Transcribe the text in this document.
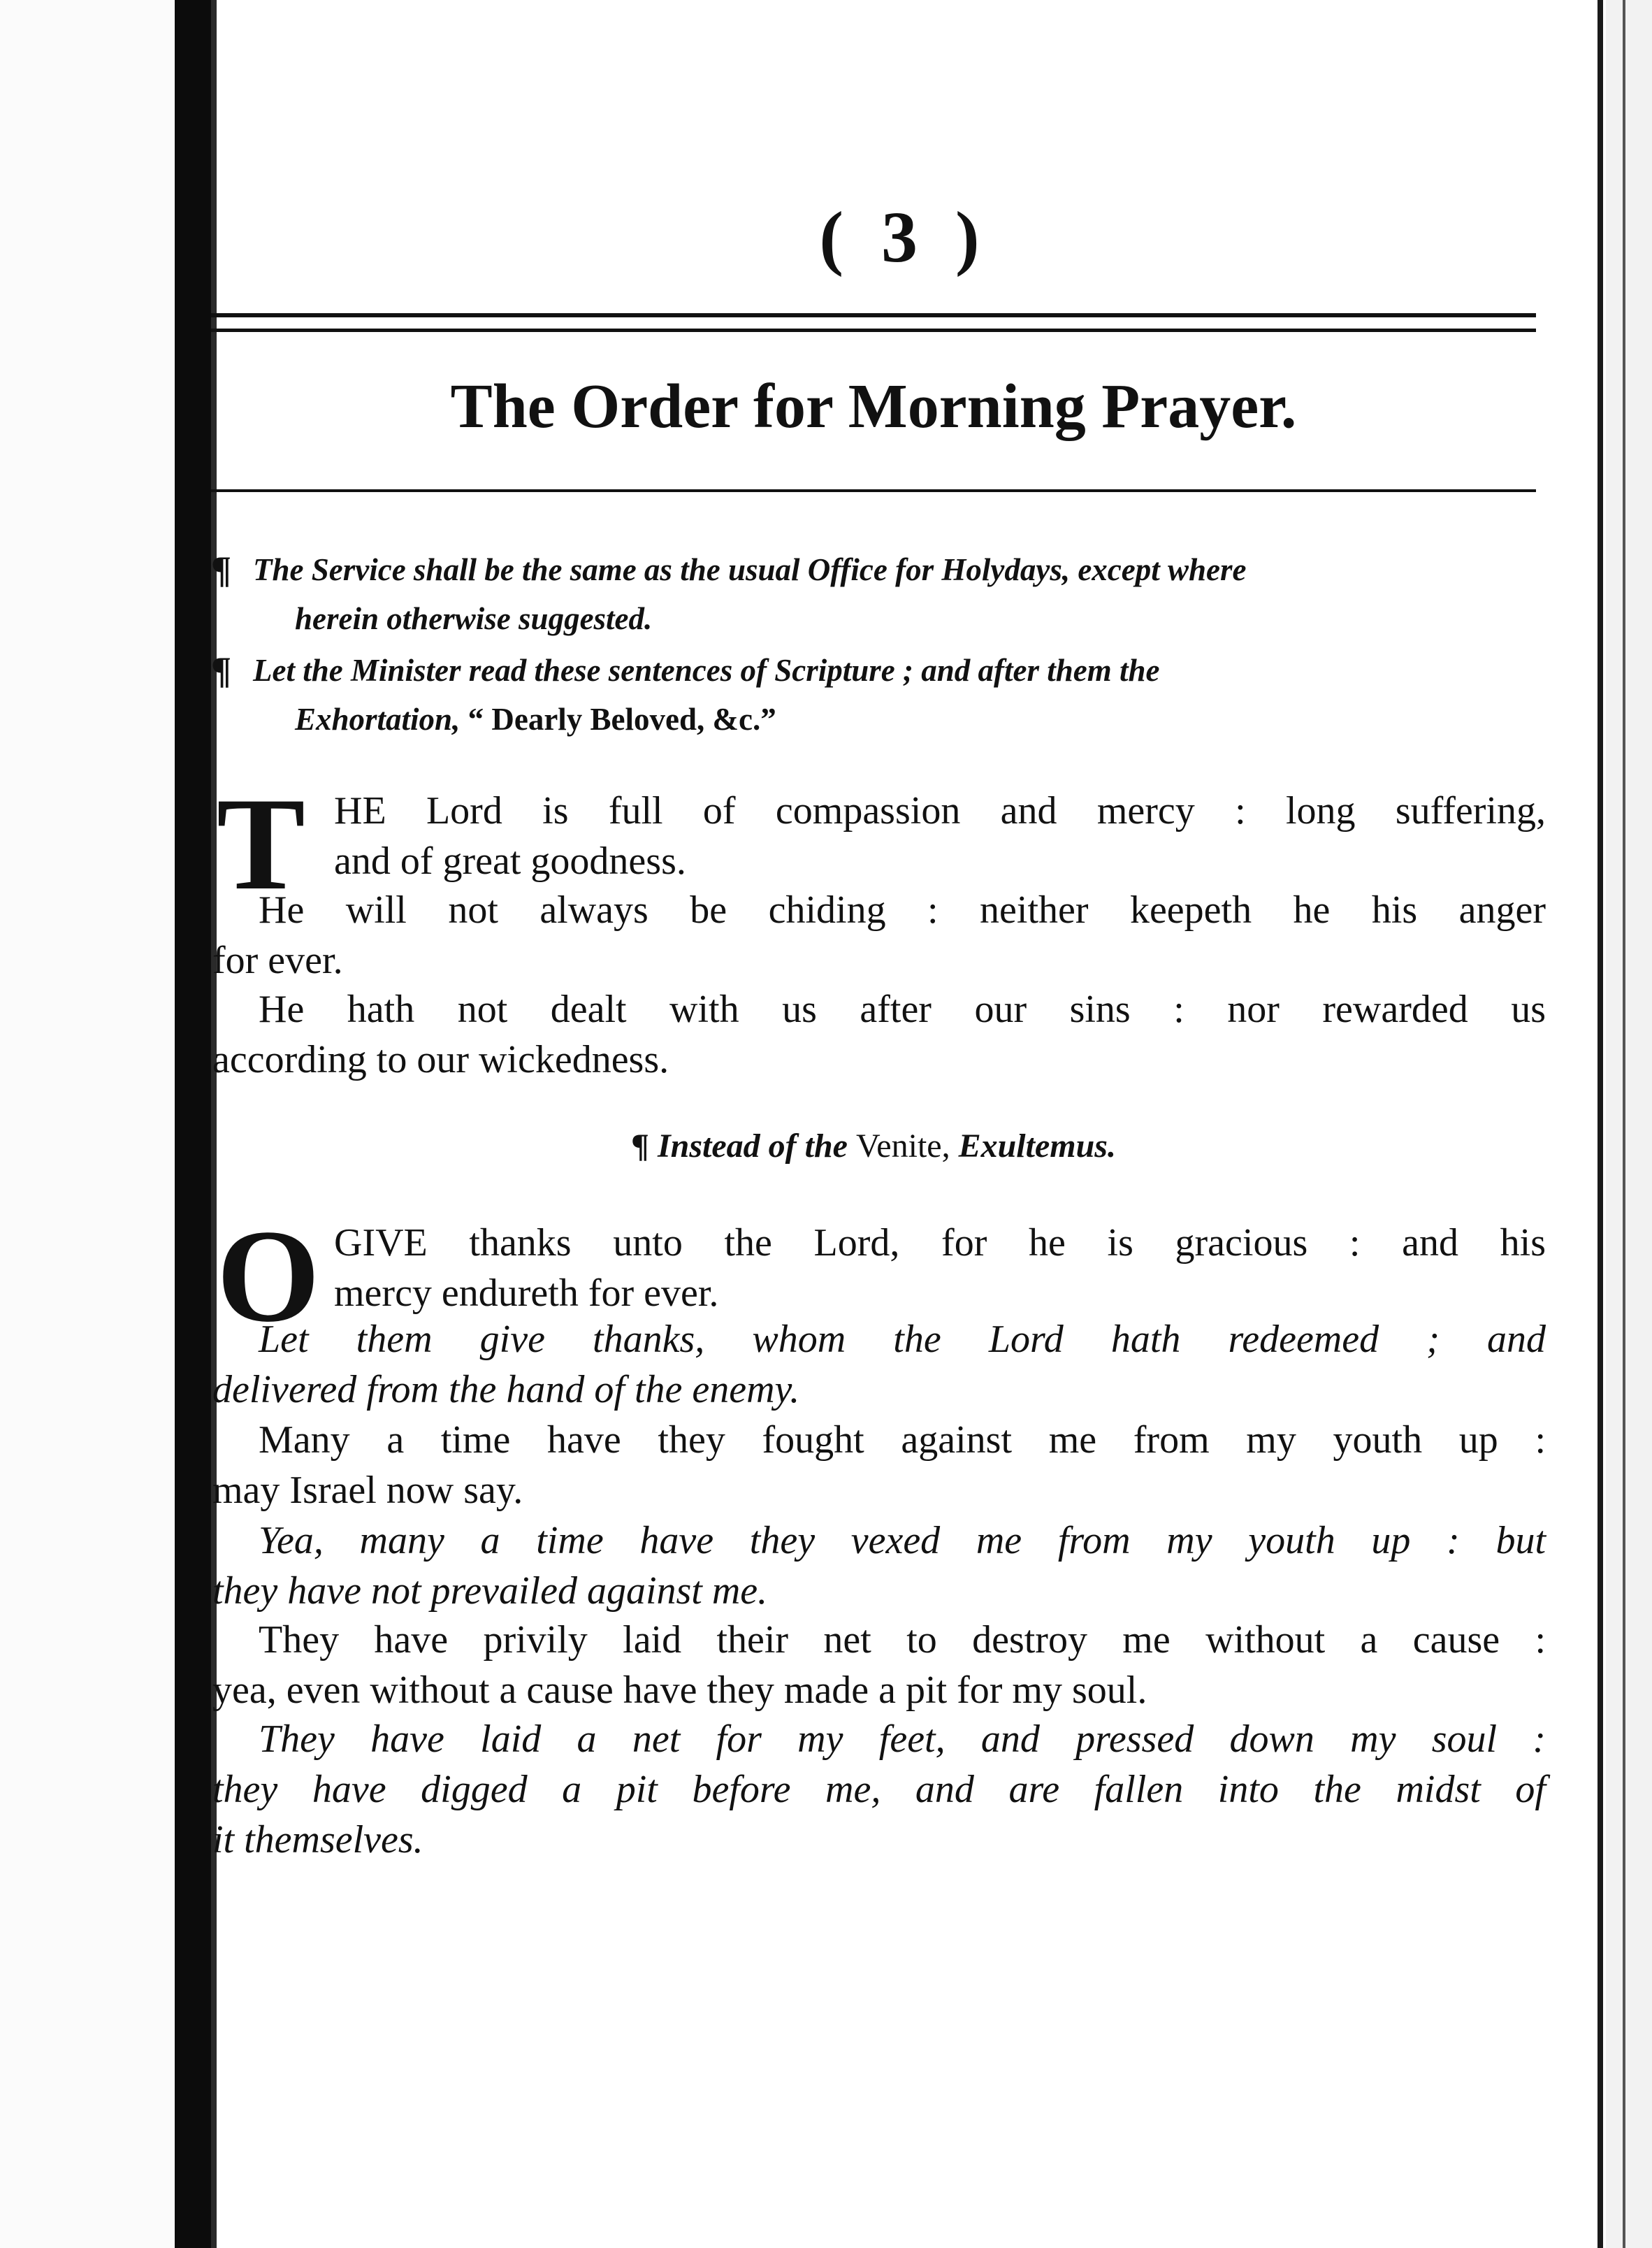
( 3 )
The Order for Morning Prayer.
¶ The Service shall be the same as the usual Office for Holydays, except where
herein otherwise suggested.
¶ Let the Minister read these sentences of Scripture ; and after them the
Exhortation, “ Dearly Beloved, &c.”
T HE Lord is full of compassion and mercy : long suffering,
and of great goodness.
He will not always be chiding : neither keepeth he his anger
for ever.
He hath not dealt with us after our sins : nor rewarded us
according to our wickedness.
¶ Instead of the Venite, Exultemus.
O GIVE thanks unto the Lord, for he is gracious : and his
mercy endureth for ever.
Let them give thanks, whom the Lord hath redeemed ; and
delivered from the hand of the enemy.
Many a time have they fought against me from my youth up :
may Israel now say.
Yea, many a time have they vexed me from my youth up : but
they have not prevailed against me.
They have privily laid their net to destroy me without a cause :
yea, even without a cause have they made a pit for my soul.
They have laid a net for my feet, and pressed down my soul :
they have digged a pit before me, and are fallen into the midst of
it themselves.
